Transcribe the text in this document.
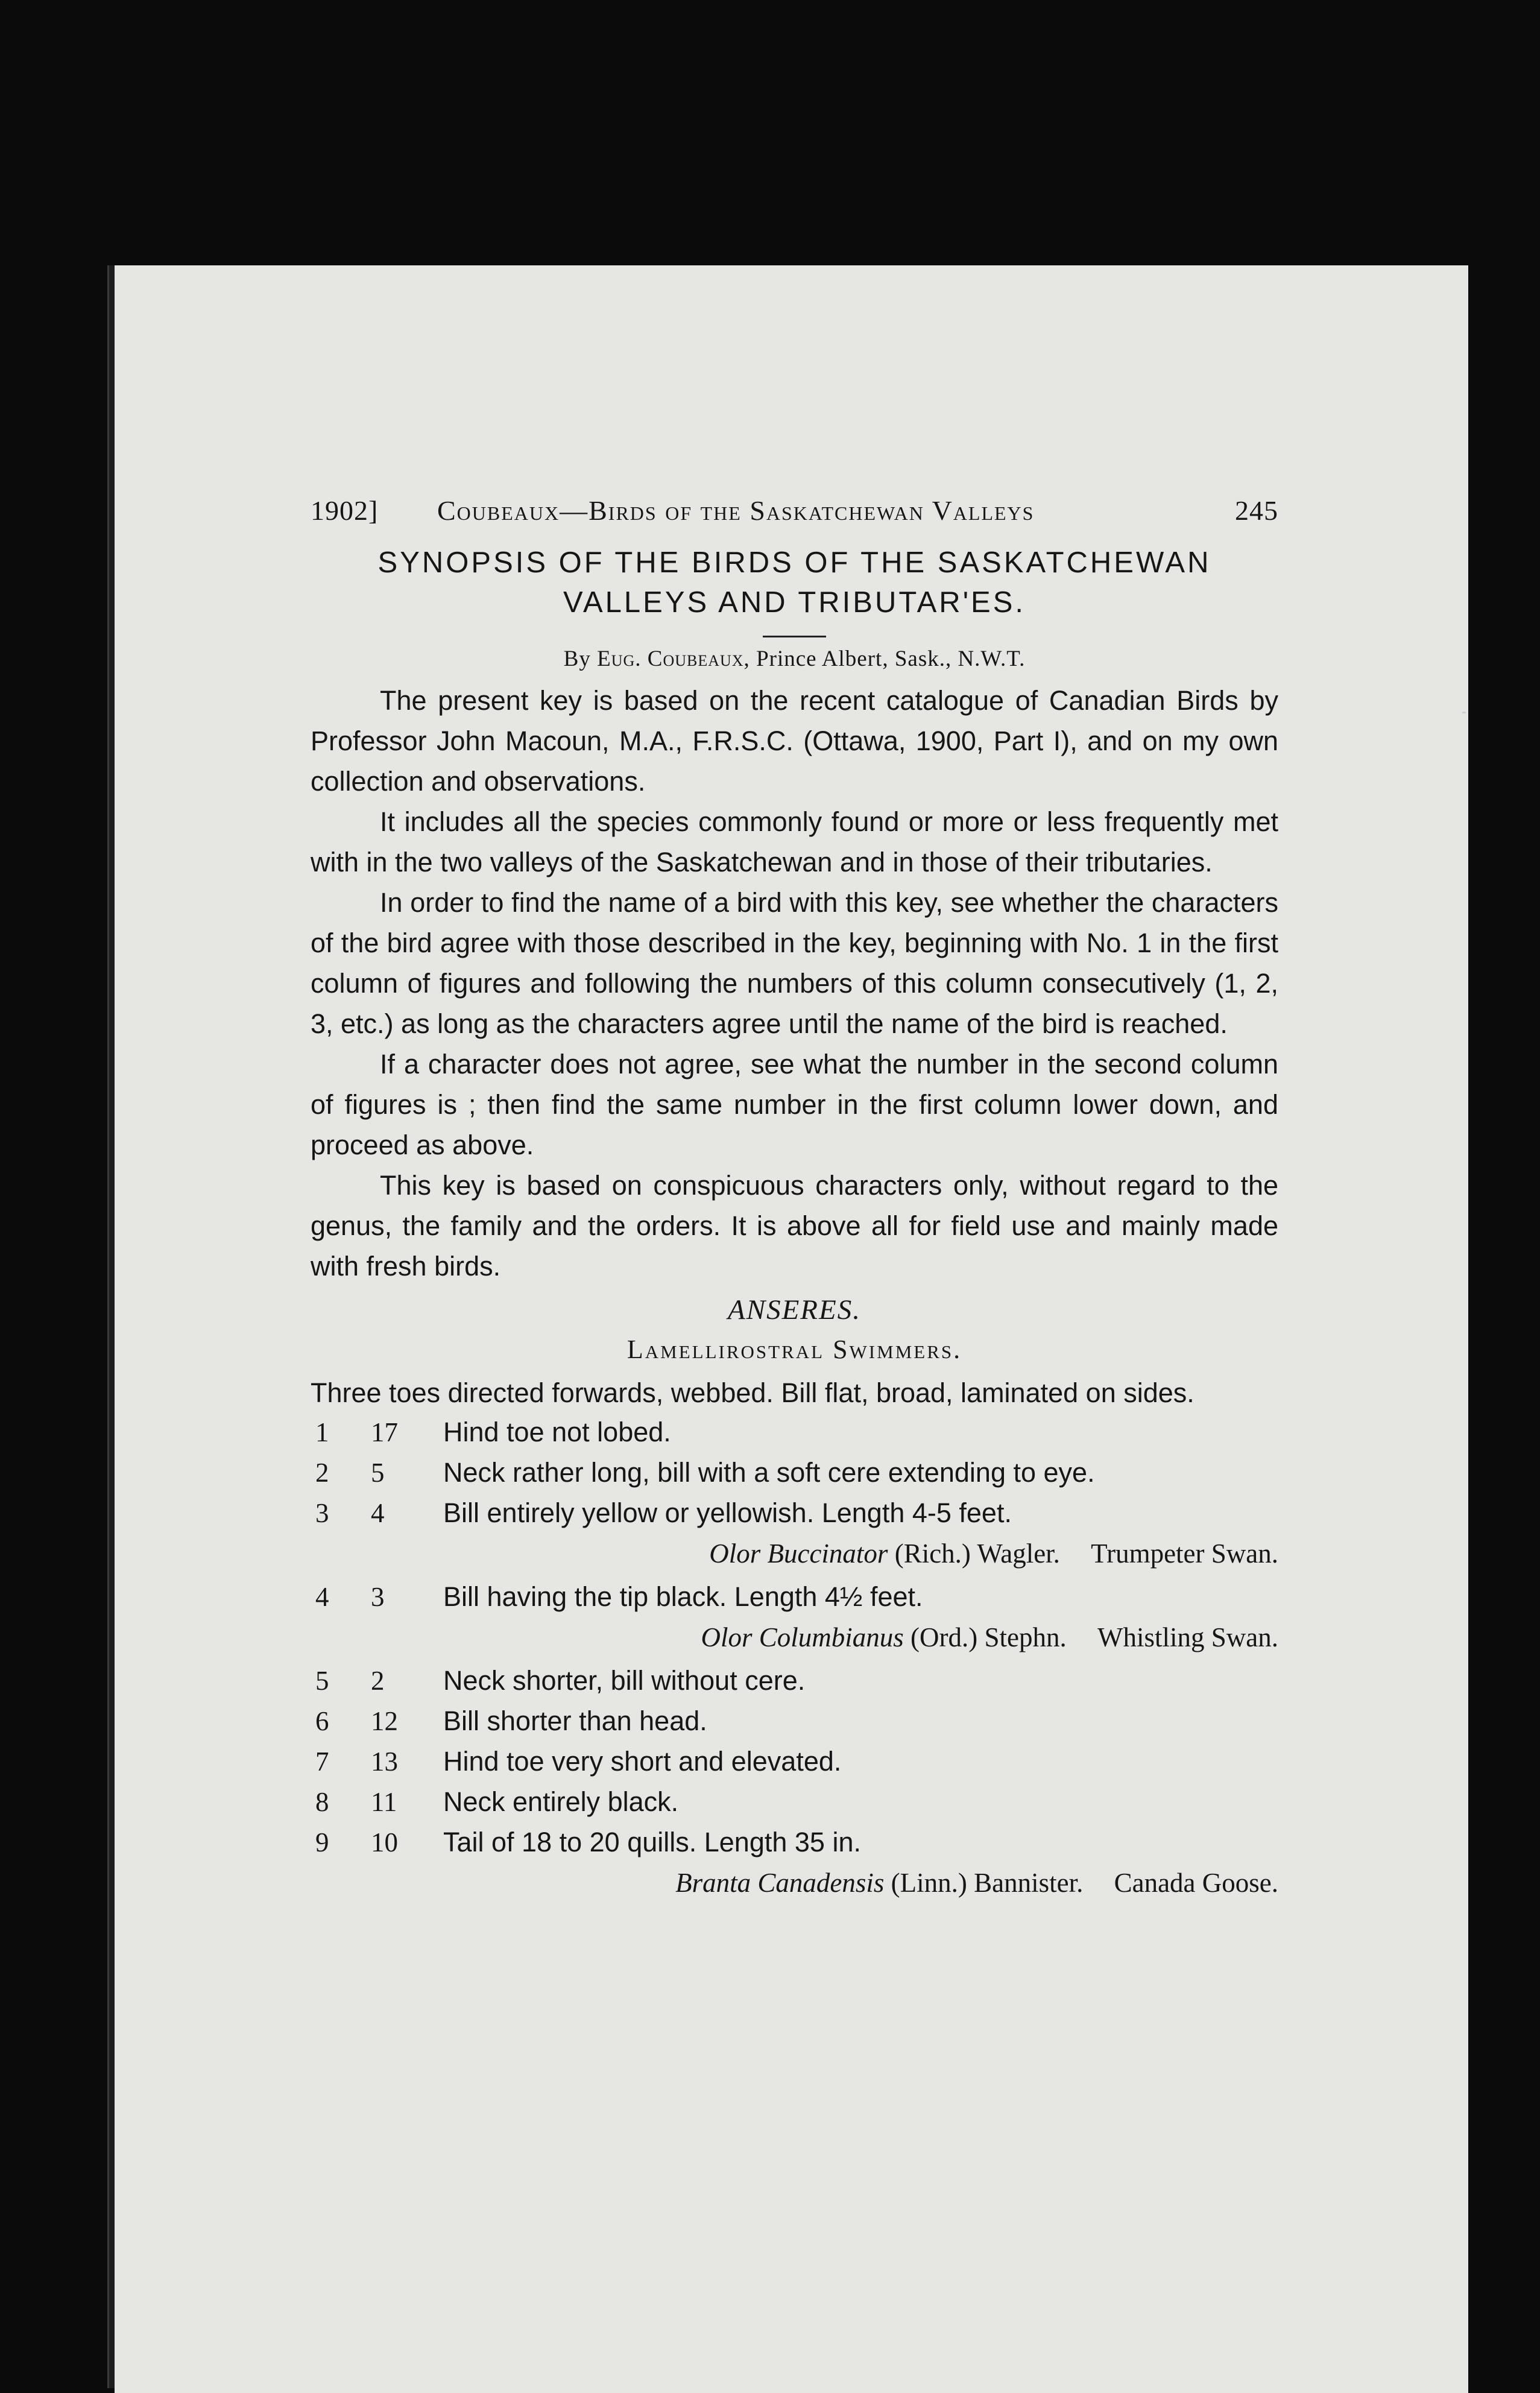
1902] Coubeaux—Birds of the Saskatchewan Valleys	245
SYNOPSIS OF THE BIRDS OF THE SASKATCHEWAN
VALLEYS AND TRIBUTAR'ES.
By Eug. Coubeaux, Prince Albert, Sask., N.W.T.

The present key is based on the recent catalogue of Canadian Birds by Professor John Macoun, M.A., F.R.S.C. (Ottawa, 1900, Part I), and on my own collection and observations.

It includes all the species commonly found or more or less frequently met with in the two valleys of the Saskatchewan and in those of their tributaries.

In order to find the name of a bird with this key, see whether the characters of the bird agree with those described in the key, beginning with No. 1 in the first column of figures and following the numbers of this column consecutively (1, 2, 3, etc.) as long as the characters agree until the name of the bird is reached.

If a character does not agree, see what the number in the second column of figures is ; then find the same number in the first column lower down, and proceed as above.

This key is based on conspicuous characters only, without regard to the genus, the family and the orders. It is above all for field use and mainly made with fresh birds.

ANSERES.
Lamellirostral Swimmers.

Three toes directed forwards, webbed. Bill flat, broad, laminated on sides.

1	17	Hind toe not lobed.
2	5	Neck rather long, bill with a soft cere extending to eye.
3	4	Bill entirely yellow or yellowish. Length 4-5 feet.
Olor Buccinator (Rich.) Wagler. Trumpeter Swan.
4	3	Bill having the tip black. Length 4½ feet.
Olor Columbianus (Ord.) Stephn. Whistling Swan.
5	2	Neck shorter, bill without cere.
6	12	Bill shorter than head.
7	13	Hind toe very short and elevated.
8	11	Neck entirely black.
9	10	Tail of 18 to 20 quills. Length 35 in.
Branta Canadensis (Linn.) Bannister. Canada Goose.
